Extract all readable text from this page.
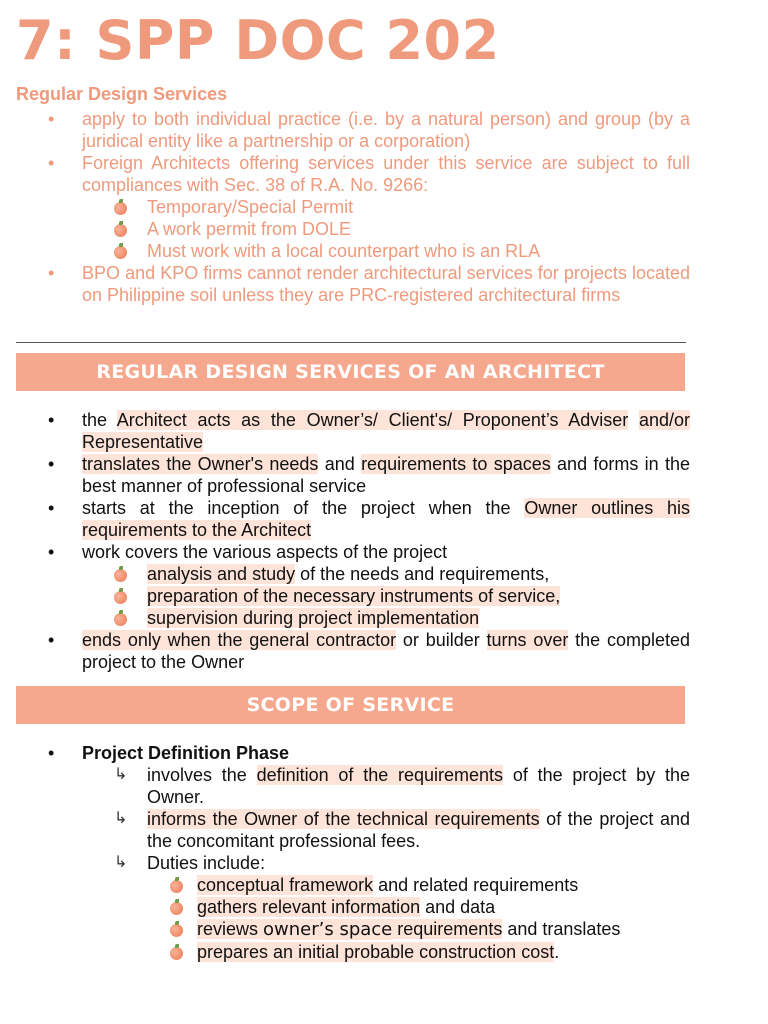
7: SPP DOC 202
Regular Design Services
• apply to both individual practice (i.e. by a natural person) and group (by a juridical entity like a partnership or a corporation)
• Foreign Architects offering services under this service are subject to full compliances with Sec. 38 of R.A. No. 9266:
Temporary/Special Permit
A work permit from DOLE
Must work with a local counterpart who is an RLA
• BPO and KPO firms cannot render architectural services for projects located on Philippine soil unless they are PRC-registered architectural firms
REGULAR DESIGN SERVICES OF AN ARCHITECT
• the Architect acts as the Owner’s/ Client's/ Proponent’s Adviser and/or Representative
• translates the Owner's needs and requirements to spaces and forms in the best manner of professional service
• starts at the inception of the project when the Owner outlines his requirements to the Architect
• work covers the various aspects of the project
analysis and study of the needs and requirements,
preparation of the necessary instruments of service,
supervision during project implementation
• ends only when the general contractor or builder turns over the completed project to the Owner
SCOPE OF SERVICE
• Project Definition Phase
↳ involves the definition of the requirements of the project by the Owner.
↳ informs the Owner of the technical requirements of the project and the concomitant professional fees.
↳ Duties include:
conceptual framework and related requirements
gathers relevant information and data
reviews owner’s space requirements and translates
prepares an initial probable construction cost.
